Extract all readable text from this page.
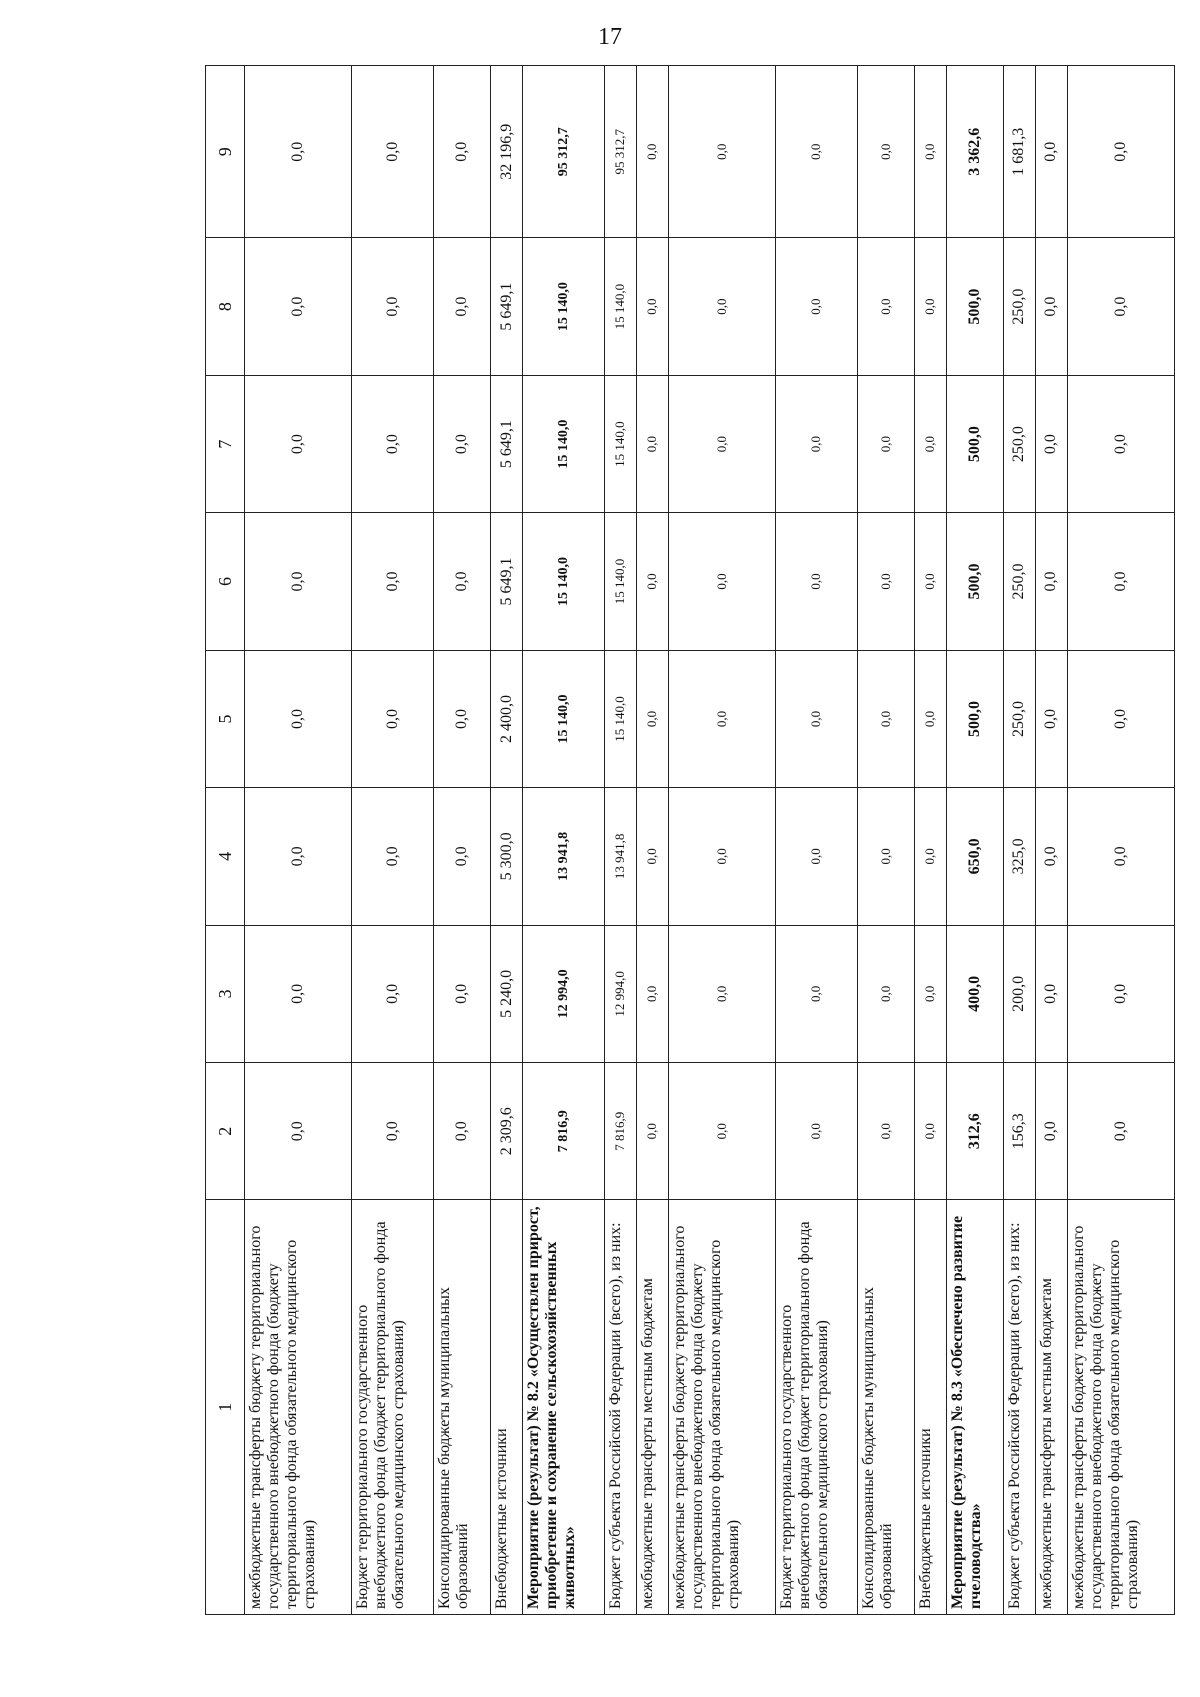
17
1	2	3	4	5	6	7	8	9
межбюджетные трансферты бюджету территориального государственного внебюджетного фонда (бюджету территориального фонда обязательного медицинского страхования)	0,0	0,0	0,0	0,0	0,0	0,0	0,0	0,0
Бюджет территориального государственного внебюджетного фонда (бюджет территориального фонда обязательного медицинского страхования)	0,0	0,0	0,0	0,0	0,0	0,0	0,0	0,0
Консолидированные бюджеты муниципальных образований	0,0	0,0	0,0	0,0	0,0	0,0	0,0	0,0
Внебюджетные источники	2 309,6	5 240,0	5 300,0	2 400,0	5 649,1	5 649,1	5 649,1	32 196,9
Мероприятие (результат) № 8.2 «Осуществлен прирост, приобретение и сохранение сельскохозяйственных животных»	7 816,9	12 994,0	13 941,8	15 140,0	15 140,0	15 140,0	15 140,0	95 312,7
Бюджет субъекта Российской Федерации (всего), из них:	7 816,9	12 994,0	13 941,8	15 140,0	15 140,0	15 140,0	15 140,0	95 312,7
межбюджетные трансферты местным бюджетам	0,0	0,0	0,0	0,0	0,0	0,0	0,0	0,0
межбюджетные трансферты бюджету территориального государственного внебюджетного фонда (бюджету территориального фонда обязательного медицинского страхования)	0,0	0,0	0,0	0,0	0,0	0,0	0,0	0,0
Бюджет территориального государственного внебюджетного фонда (бюджет территориального фонда обязательного медицинского страхования)	0,0	0,0	0,0	0,0	0,0	0,0	0,0	0,0
Консолидированные бюджеты муниципальных образований	0,0	0,0	0,0	0,0	0,0	0,0	0,0	0,0
Внебюджетные источники	0,0	0,0	0,0	0,0	0,0	0,0	0,0	0,0
Мероприятие (результат) № 8.3 «Обеспечено развитие пчеловодства»	312,6	400,0	650,0	500,0	500,0	500,0	500,0	3 362,6
Бюджет субъекта Российской Федерации (всего), из них:	156,3	200,0	325,0	250,0	250,0	250,0	250,0	1 681,3
межбюджетные трансферты местным бюджетам	0,0	0,0	0,0	0,0	0,0	0,0	0,0	0,0
межбюджетные трансферты бюджету территориального государственного внебюджетного фонда (бюджету территориального фонда обязательного медицинского страхования)	0,0	0,0	0,0	0,0	0,0	0,0	0,0	0,0
